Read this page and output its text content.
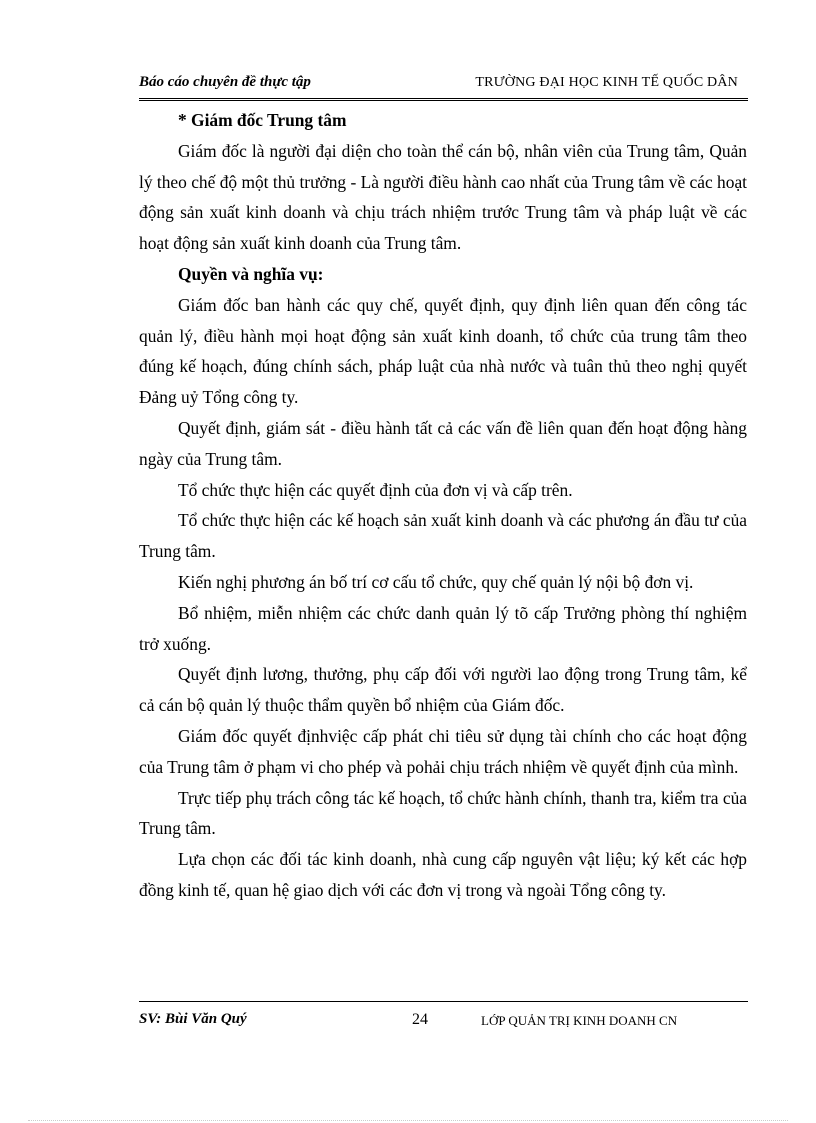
Báo cáo chuyên đề thực tập	TRƯỜNG ĐẠI HỌC KINH TẾ QUỐC DÂN

* Giám đốc Trung tâm

Giám đốc là người đại diện cho toàn thể cán bộ, nhân viên của Trung tâm, Quản lý theo chế độ một thủ trưởng - Là người điều hành cao nhất của Trung tâm về các hoạt động sản xuất kinh doanh và chịu trách nhiệm trước Trung tâm và pháp luật về các hoạt động sản xuất kinh doanh của Trung tâm.

Quyền và nghĩa vụ:

Giám đốc ban hành các quy chế, quyết định, quy định liên quan đến công tác quản lý, điều hành mọi hoạt động sản xuất kinh doanh, tổ chức của trung tâm theo đúng kế hoạch, đúng chính sách, pháp luật của nhà nước và tuân thủ theo nghị quyết Đảng uỷ Tổng công ty.

Quyết định, giám sát - điều hành tất cả các vấn đề liên quan đến hoạt động hàng ngày của Trung tâm.

Tổ chức thực hiện các quyết định của đơn vị và cấp trên.

Tổ chức thực hiện các kế hoạch sản xuất kinh doanh và các phương án đầu tư của Trung tâm.

Kiến nghị phương án bố trí cơ cấu tổ chức, quy chế quản lý nội bộ đơn vị.

Bổ nhiệm, miễn nhiệm các chức danh quản lý tõ cấp Trưởng phòng thí nghiệm trở xuống.

Quyết định lương, thưởng, phụ cấp đối với người lao động trong Trung tâm, kể cả cán bộ quản lý thuộc thẩm quyền bổ nhiệm của Giám đốc.

Giám đốc quyết địnhviệc cấp phát chi tiêu sử dụng tài chính cho các hoạt động của Trung tâm ở phạm vi cho phép và pohải chịu trách nhiệm về quyết định của mình.

Trực tiếp phụ trách công tác kế hoạch, tổ chức hành chính, thanh tra, kiểm tra của Trung tâm.

Lựa chọn các đối tác kinh doanh, nhà cung cấp nguyên vật liệu; ký kết các hợp đồng kinh tế, quan hệ giao dịch với các đơn vị trong và ngoài Tổng công ty.

SV: Bùi Văn Quý	24	LỚP QUẢN TRỊ KINH DOANH CN
